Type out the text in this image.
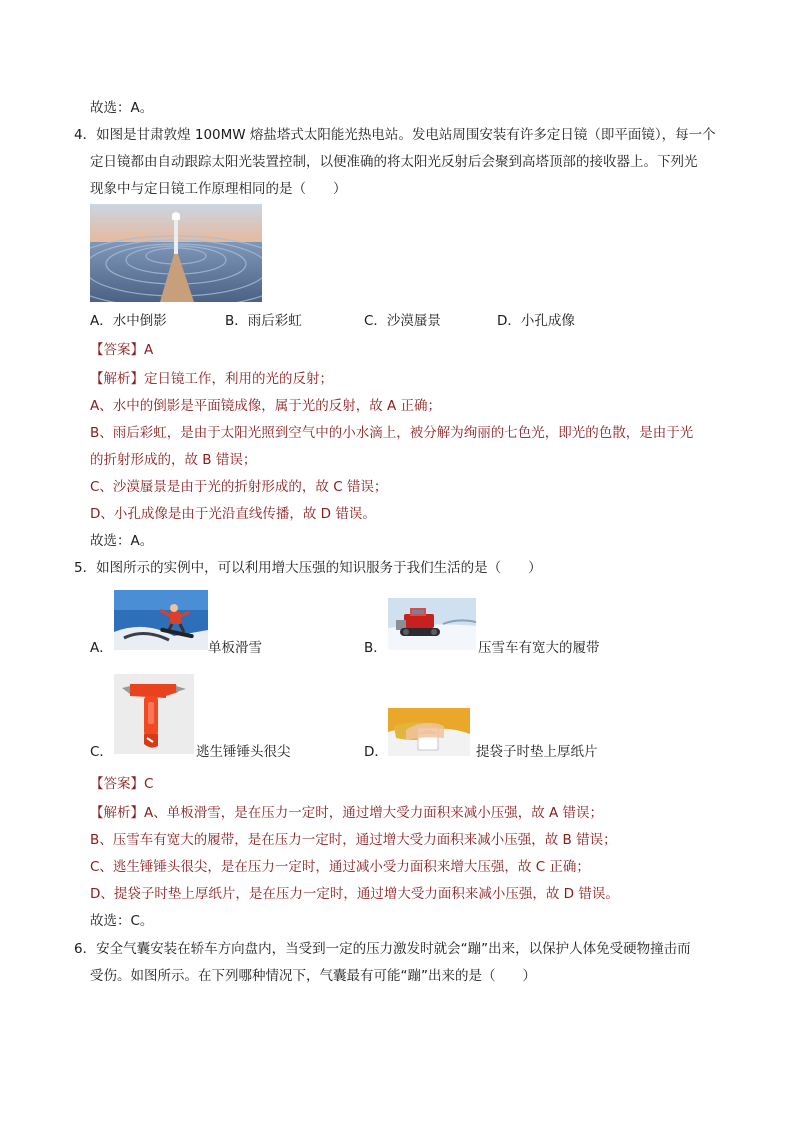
故选：A。
4．如图是甘肃敦煌 100MW 熔盐塔式太阳能光热电站。发电站周围安装有许多定日镜（即平面镜），每一个
定日镜都由自动跟踪太阳光装置控制，以便准确的将太阳光反射后会聚到高塔顶部的接收器上。下列光
现象中与定日镜工作原理相同的是（　　）
A．水中倒影	B．雨后彩虹	C．沙漠蜃景	D．小孔成像
【答案】A
【解析】定日镜工作，利用的光的反射；
A、水中的倒影是平面镜成像，属于光的反射，故 A 正确；
B、雨后彩虹，是由于太阳光照到空气中的小水滴上，被分解为绚丽的七色光，即光的色散，是由于光
的折射形成的，故 B 错误；
C、沙漠蜃景是由于光的折射形成的，故 C 错误；
D、小孔成像是由于光沿直线传播，故 D 错误。
故选：A。
5．如图所示的实例中，可以利用增大压强的知识服务于我们生活的是（　　）
A．	单板滑雪	B．	压雪车有宽大的履带
C．	逃生锤锤头很尖	D．	提袋子时垫上厚纸片
【答案】C
【解析】A、单板滑雪，是在压力一定时，通过增大受力面积来减小压强，故 A 错误；
B、压雪车有宽大的履带，是在压力一定时，通过增大受力面积来减小压强，故 B 错误；
C、逃生锤锤头很尖，是在压力一定时，通过减小受力面积来增大压强，故 C 正确；
D、提袋子时垫上厚纸片，是在压力一定时，通过增大受力面积来减小压强，故 D 错误。
故选：C。
6．安全气囊安装在轿车方向盘内，当受到一定的压力激发时就会“蹦”出来，以保护人体免受硬物撞击而
受伤。如图所示。在下列哪种情况下，气囊最有可能“蹦”出来的是（　　）
